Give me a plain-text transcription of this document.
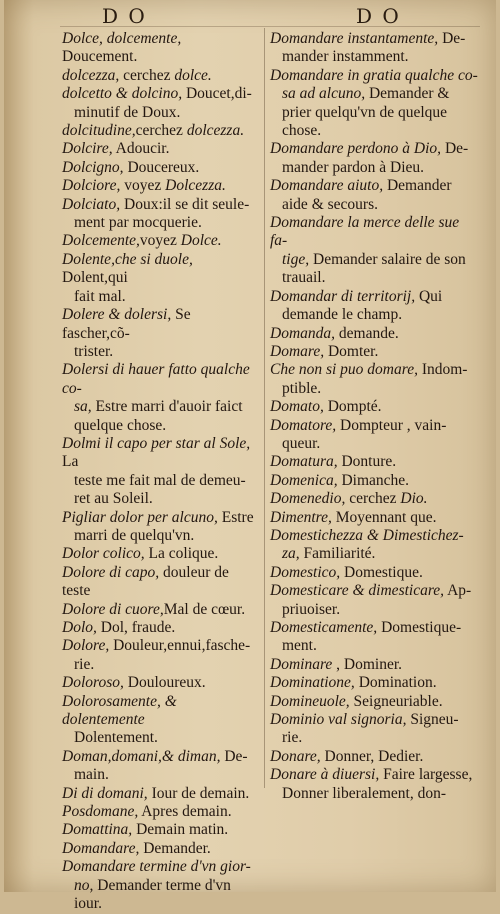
D O	D O
Dolce, dolcemente, Doucement.
dolcezza, cerchez dolce.
dolcetto & dolcino, Doucet,di-
minutif de Doux.
dolcitudine,cerchez dolcezza.
Dolcire, Adoucir.
Dolcigno, Doucereux.
Dolciore, voyez Dolcezza.
Dolciato, Doux:il se dit seule-
ment par mocquerie.
Dolcemente,voyez Dolce.
Dolente,che si duole, Dolent,qui
fait mal.
Dolere & dolersi, Se fascher,cõ-
trister.
Dolersi di hauer fatto qualche co-
sa, Estre marri d'auoir faict quelque chose.
Dolmi il capo per star al Sole, La
teste me fait mal de demeu-ret au Soleil.
Pigliar dolor per alcuno, Estre
marri de quelqu'vn.
Dolor colico, La colique.
Dolore di capo, douleur de teste
Dolore di cuore,Mal de cœur.
Dolo, Dol, fraude.
Dolore, Douleur,ennui,fasche-
rie.
Doloroso, Douloureux.
Dolorosamente, & dolentemente
Dolentement.
Doman,domani,& diman, De-
main.
Di di domani, Iour de demain.
Posdomane, Apres demain.
Domattina, Demain matin.
Domandare, Demander.
Domandare termine d'vn gior-
no, Demander terme d'vn iour.
Domandare instantamente, De-
mander instamment.
Domandare in gratia qualche co-
sa ad alcuno, Demander & prier quelqu'vn de quelque chose.
Domandare perdono à Dio, De-
mander pardon à Dieu.
Domandare aiuto, Demander
aide & secours.
Domandare la merce delle sue fa-
tige, Demander salaire de son trauail.
Domandar di territorij, Qui
demande le champ.
Domanda, demande.
Domare, Domter.
Che non si puo domare, Indom-
ptible.
Domato, Dompté.
Domatore, Dompteur , vain-
queur.
Domatura, Donture.
Domenica, Dimanche.
Domenedio, cerchez Dio.
Dimentre, Moyennant que.
Domestichezza & Dimestichez-
za, Familiarité.
Domestico, Domestique.
Domesticare & dimesticare, Ap-
priuoiser.
Domesticamente, Domestique-
ment.
Dominare , Dominer.
Dominatione, Domination.
Domineuole, Seigneuriable.
Dominio val signoria, Signeu-
rie.
Donare, Donner, Dedier.
Donare à diuersi, Faire largesse,
Donner liberalement, don-
